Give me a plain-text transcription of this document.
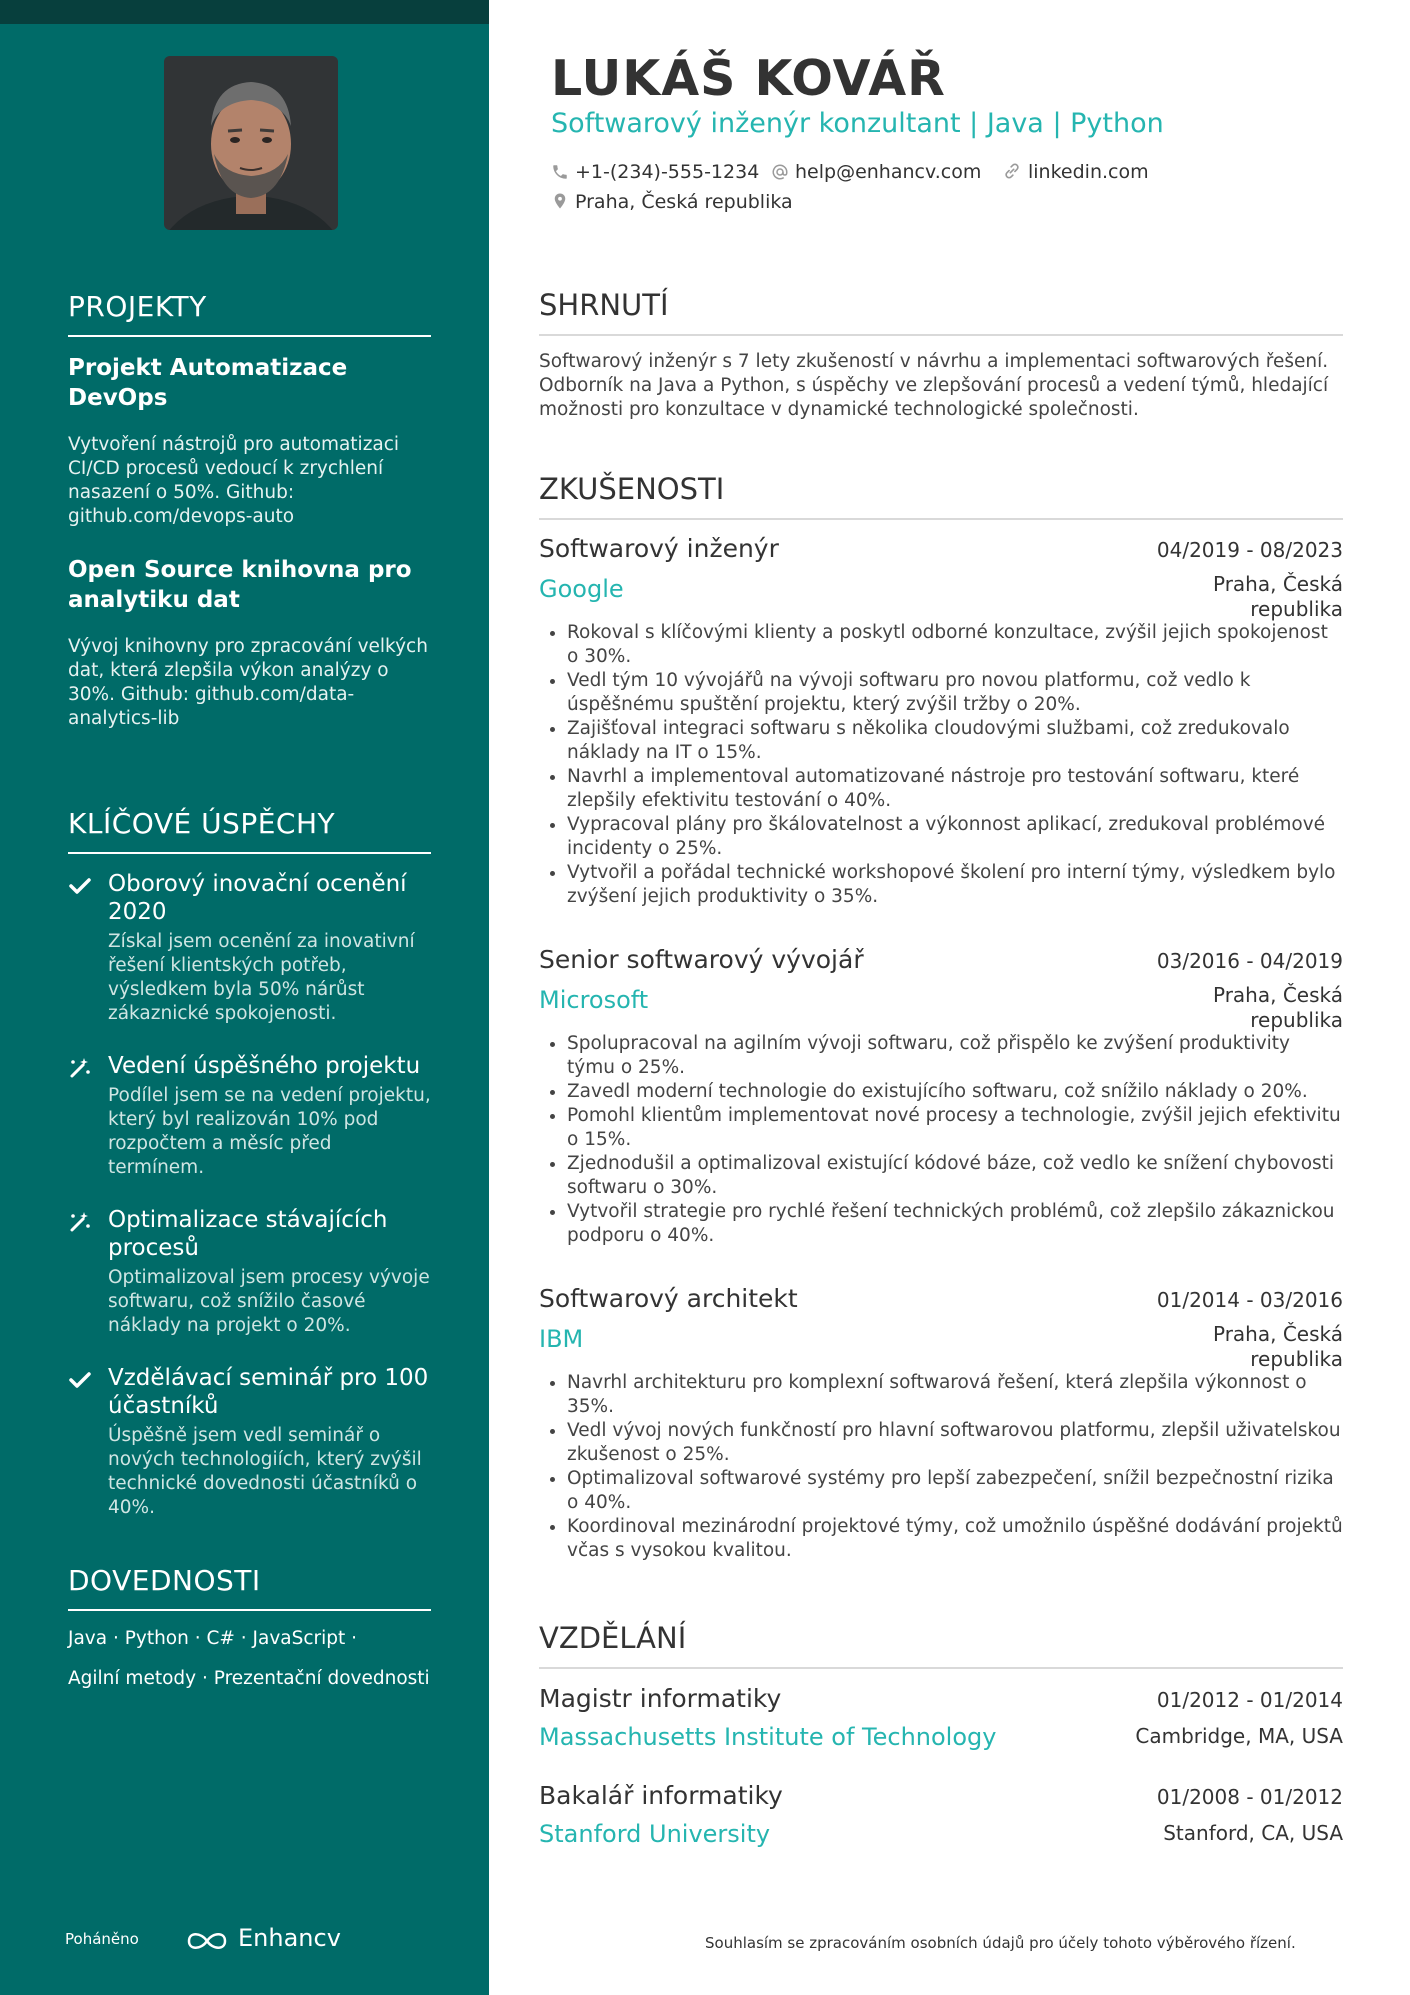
PROJEKTY
Projekt Automatizace DevOps
Vytvoření nástrojů pro automatizaci CI/CD procesů vedoucí k zrychlení nasazení o 50%. Github: github.com/devops-auto
Open Source knihovna pro analytiku dat
Vývoj knihovny pro zpracování velkých dat, která zlepšila výkon analýzy o 30%. Github: github.com/data-analytics-lib
KLÍČOVÉ ÚSPĚCHY
Oborový inovační ocenění 2020
Získal jsem ocenění za inovativní řešení klientských potřeb, výsledkem byla 50% nárůst zákaznické spokojenosti.
Vedení úspěšného projektu
Podílel jsem se na vedení projektu, který byl realizován 10% pod rozpočtem a měsíc před termínem.
Optimalizace stávajících procesů
Optimalizoval jsem procesy vývoje softwaru, což snížilo časové náklady na projekt o 20%.
Vzdělávací seminář pro 100 účastníků
Úspěšně jsem vedl seminář o nových technologiích, který zvýšil technické dovednosti účastníků o 40%.
DOVEDNOSTI
Java · Python · C# · JavaScript ·
Agilní metody · Prezentační dovednosti
Poháněno	Enhancv
LUKÁŠ KOVÁŘ
Softwarový inženýr konzultant | Java | Python
+1-(234)-555-1234	help@enhancv.com	linkedin.com
Praha, Česká republika
SHRNUTÍ
Softwarový inženýr s 7 lety zkušeností v návrhu a implementaci softwarových řešení. Odborník na Java a Python, s úspěchy ve zlepšování procesů a vedení týmů, hledající možnosti pro konzultace v dynamické technologické společnosti.
ZKUŠENOSTI
Softwarový inženýr	04/2019 - 08/2023
Google	Praha, Česká republika
• Rokoval s klíčovými klienty a poskytl odborné konzultace, zvýšil jejich spokojenost o 30%.
• Vedl tým 10 vývojářů na vývoji softwaru pro novou platformu, což vedlo k úspěšnému spuštění projektu, který zvýšil tržby o 20%.
• Zajišťoval integraci softwaru s několika cloudovými službami, což zredukovalo náklady na IT o 15%.
• Navrhl a implementoval automatizované nástroje pro testování softwaru, které zlepšily efektivitu testování o 40%.
• Vypracoval plány pro škálovatelnost a výkonnost aplikací, zredukoval problémové incidenty o 25%.
• Vytvořil a pořádal technické workshopové školení pro interní týmy, výsledkem bylo zvýšení jejich produktivity o 35%.
Senior softwarový vývojář	03/2016 - 04/2019
Microsoft	Praha, Česká republika
• Spolupracoval na agilním vývoji softwaru, což přispělo ke zvýšení produktivity týmu o 25%.
• Zavedl moderní technologie do existujícího softwaru, což snížilo náklady o 20%.
• Pomohl klientům implementovat nové procesy a technologie, zvýšil jejich efektivitu o 15%.
• Zjednodušil a optimalizoval existující kódové báze, což vedlo ke snížení chybovosti softwaru o 30%.
• Vytvořil strategie pro rychlé řešení technických problémů, což zlepšilo zákaznickou podporu o 40%.
Softwarový architekt	01/2014 - 03/2016
IBM	Praha, Česká republika
• Navrhl architekturu pro komplexní softwarová řešení, která zlepšila výkonnost o 35%.
• Vedl vývoj nových funkčností pro hlavní softwarovou platformu, zlepšil uživatelskou zkušenost o 25%.
• Optimalizoval softwarové systémy pro lepší zabezpečení, snížil bezpečnostní rizika o 40%.
• Koordinoval mezinárodní projektové týmy, což umožnilo úspěšné dodávání projektů včas s vysokou kvalitou.
VZDĚLÁNÍ
Magistr informatiky	01/2012 - 01/2014
Massachusetts Institute of Technology	Cambridge, MA, USA
Bakalář informatiky	01/2008 - 01/2012
Stanford University	Stanford, CA, USA
Souhlasím se zpracováním osobních údajů pro účely tohoto výběrového řízení.
